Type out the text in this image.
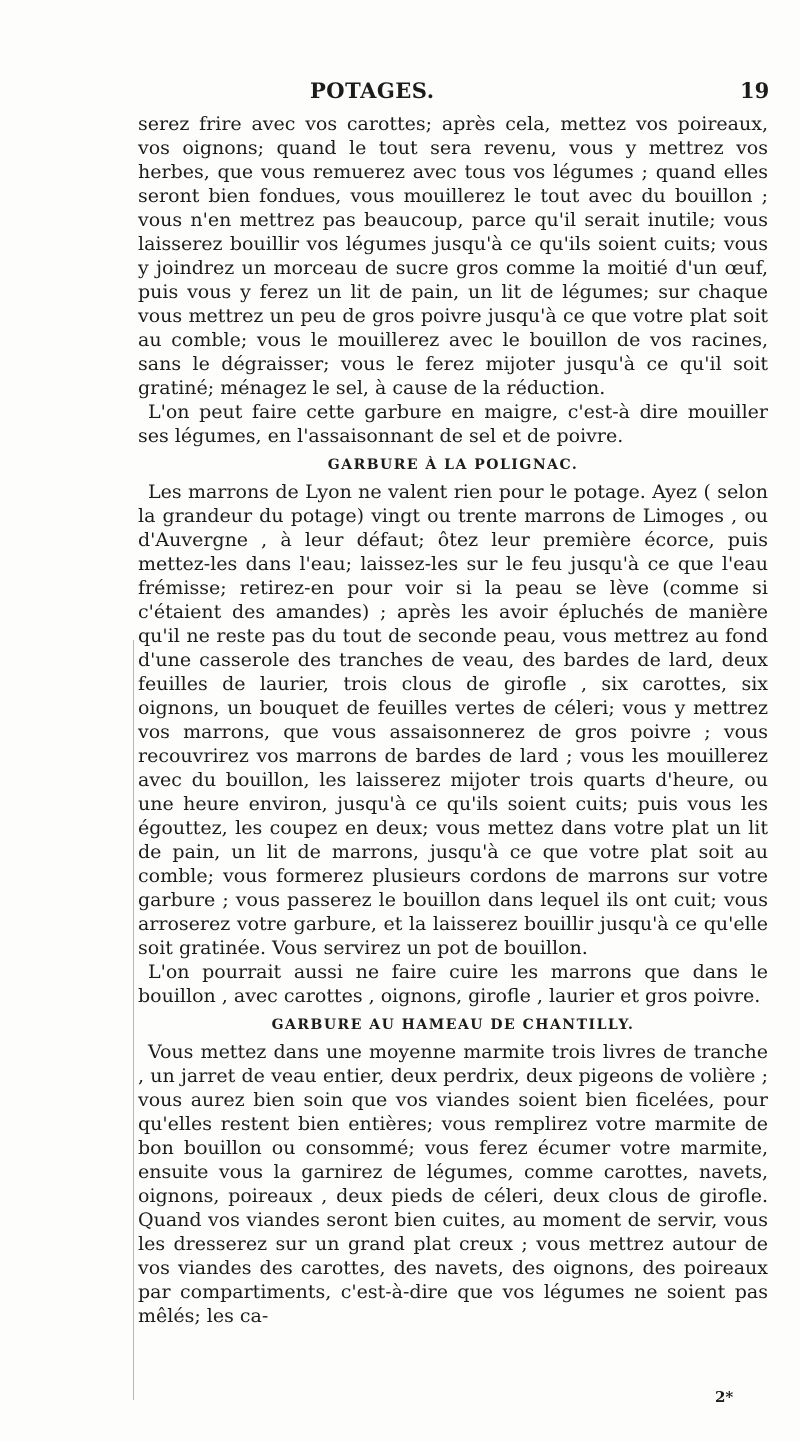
POTAGES.	19

serez frire avec vos carottes; après cela, mettez vos poireaux, vos oignons; quand le tout sera revenu, vous y mettrez vos herbes, que vous remuerez avec tous vos légumes ; quand elles seront bien fondues, vous mouillerez le tout avec du bouillon ; vous n'en mettrez pas beaucoup, parce qu'il serait inutile; vous laisserez bouillir vos légumes jusqu'à ce qu'ils soient cuits; vous y joindrez un morceau de sucre gros comme la moitié d'un œuf, puis vous y ferez un lit de pain, un lit de légumes; sur chaque vous mettrez un peu de gros poivre jusqu'à ce que votre plat soit au comble; vous le mouillerez avec le bouillon de vos racines, sans le dégraisser; vous le ferez mijoter jusqu'à ce qu'il soit gratiné; ménagez le sel, à cause de la réduction.

L'on peut faire cette garbure en maigre, c'est-à dire mouiller ses légumes, en l'assaisonnant de sel et de poivre.

GARBURE À LA POLIGNAC.

Les marrons de Lyon ne valent rien pour le potage. Ayez ( selon la grandeur du potage) vingt ou trente marrons de Limoges , ou d'Auvergne , à leur défaut; ôtez leur première écorce, puis mettez-les dans l'eau; laissez-les sur le feu jusqu'à ce que l'eau frémisse; retirez-en pour voir si la peau se lève (comme si c'étaient des amandes) ; après les avoir épluchés de manière qu'il ne reste pas du tout de seconde peau, vous mettrez au fond d'une casserole des tranches de veau, des bardes de lard, deux feuilles de laurier, trois clous de girofle , six carottes, six oignons, un bouquet de feuilles vertes de céleri; vous y mettrez vos marrons, que vous assaisonnerez de gros poivre ; vous recouvrirez vos marrons de bardes de lard ; vous les mouillerez avec du bouillon, les laisserez mijoter trois quarts d'heure, ou une heure environ, jusqu'à ce qu'ils soient cuits; puis vous les égouttez, les coupez en deux; vous mettez dans votre plat un lit de pain, un lit de marrons, jusqu'à ce que votre plat soit au comble; vous formerez plusieurs cordons de marrons sur votre garbure ; vous passerez le bouillon dans lequel ils ont cuit; vous arroserez votre garbure, et la laisserez bouillir jusqu'à ce qu'elle soit gratinée. Vous servirez un pot de bouillon.

L'on pourrait aussi ne faire cuire les marrons que dans le bouillon , avec carottes , oignons, girofle , laurier et gros poivre.

GARBURE AU HAMEAU DE CHANTILLY.

Vous mettez dans une moyenne marmite trois livres de tranche , un jarret de veau entier, deux perdrix, deux pigeons de volière ; vous aurez bien soin que vos viandes soient bien ficelées, pour qu'elles restent bien entières; vous remplirez votre marmite de bon bouillon ou consommé; vous ferez écumer votre marmite, ensuite vous la garnirez de légumes, comme carottes, navets, oignons, poireaux , deux pieds de céleri, deux clous de girofle. Quand vos viandes seront bien cuites, au moment de servir, vous les dresserez sur un grand plat creux ; vous mettrez autour de vos viandes des carottes, des navets, des oignons, des poireaux par compartiments, c'est-à-dire que vos légumes ne soient pas mêlés; les ca-

2*
